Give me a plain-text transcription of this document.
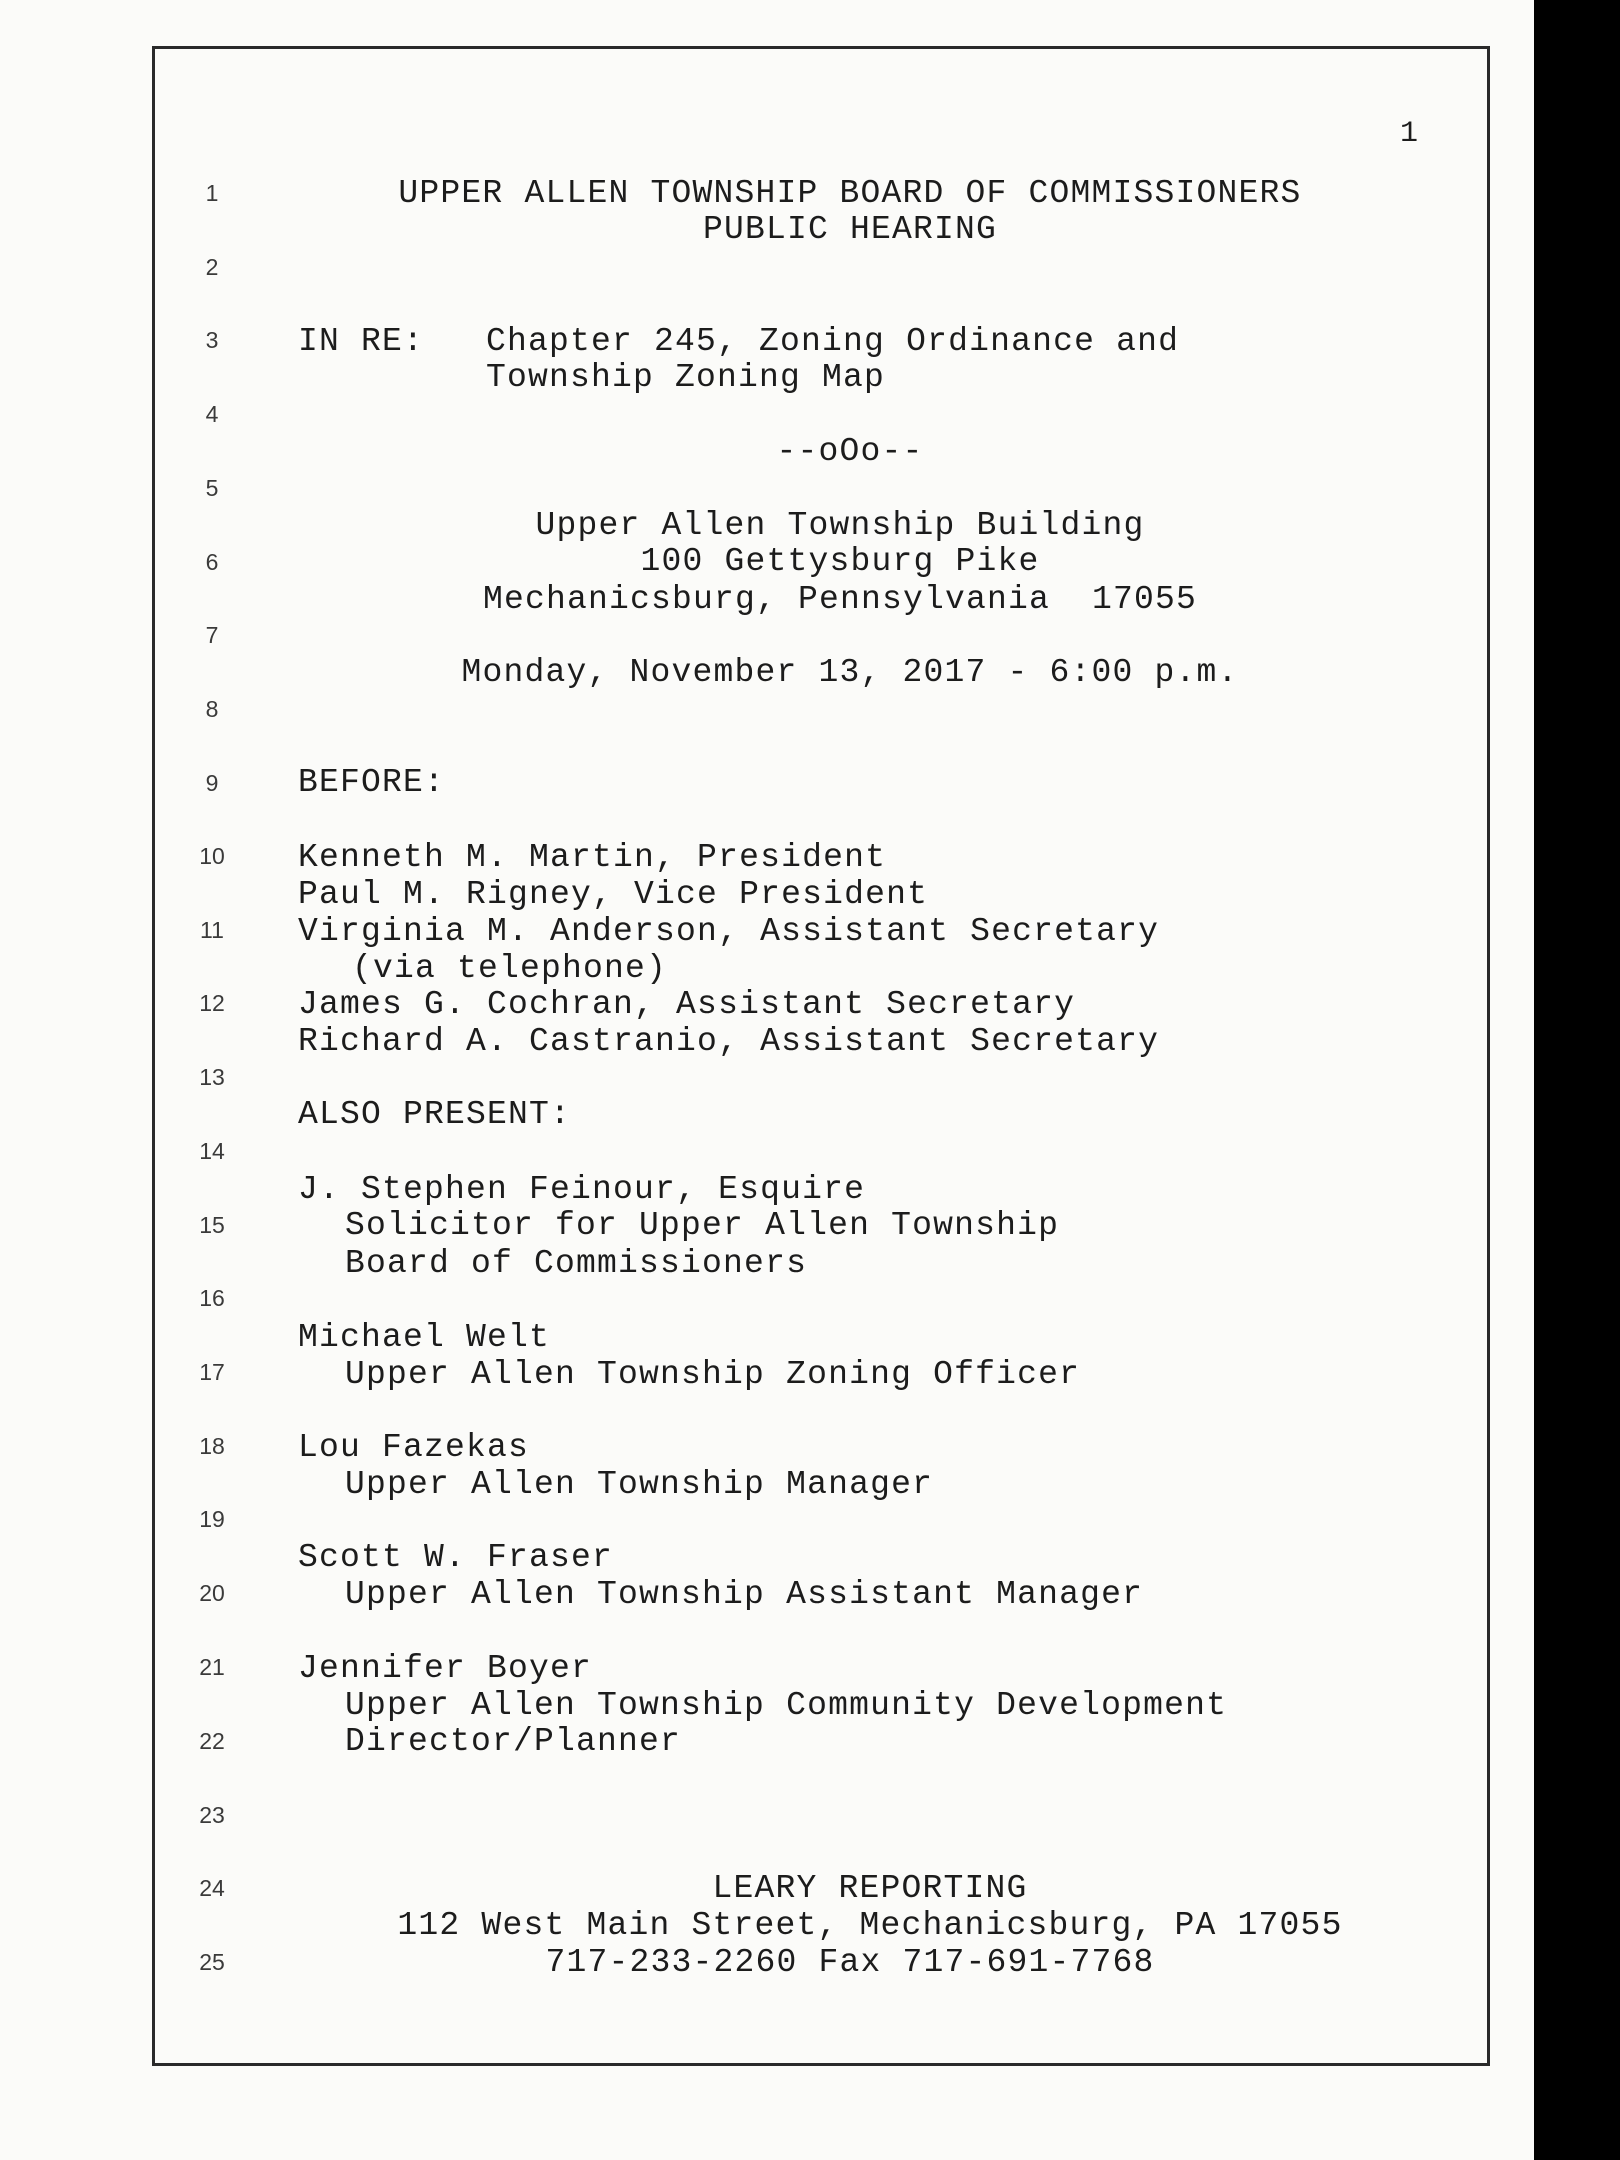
1
1
2
3
4
5
6
7
8
9
10
11
12
13
14
15
16
17
18
19
20
21
22
23
24
25
UPPER ALLEN TOWNSHIP BOARD OF COMMISSIONERS
PUBLIC HEARING
IN RE: Chapter 245, Zoning Ordinance and
Township Zoning Map
--oOo--
Upper Allen Township Building
100 Gettysburg Pike
Mechanicsburg, Pennsylvania  17055
Monday, November 13, 2017 - 6:00 p.m.
BEFORE:
Kenneth M. Martin, President
Paul M. Rigney, Vice President
Virginia M. Anderson, Assistant Secretary
(via telephone)
James G. Cochran, Assistant Secretary
Richard A. Castranio, Assistant Secretary
ALSO PRESENT:
J. Stephen Feinour, Esquire
Solicitor for Upper Allen Township
Board of Commissioners
Michael Welt
Upper Allen Township Zoning Officer
Lou Fazekas
Upper Allen Township Manager
Scott W. Fraser
Upper Allen Township Assistant Manager
Jennifer Boyer
Upper Allen Township Community Development
Director/Planner
LEARY REPORTING
112 West Main Street, Mechanicsburg, PA 17055
717-233-2260 Fax 717-691-7768
